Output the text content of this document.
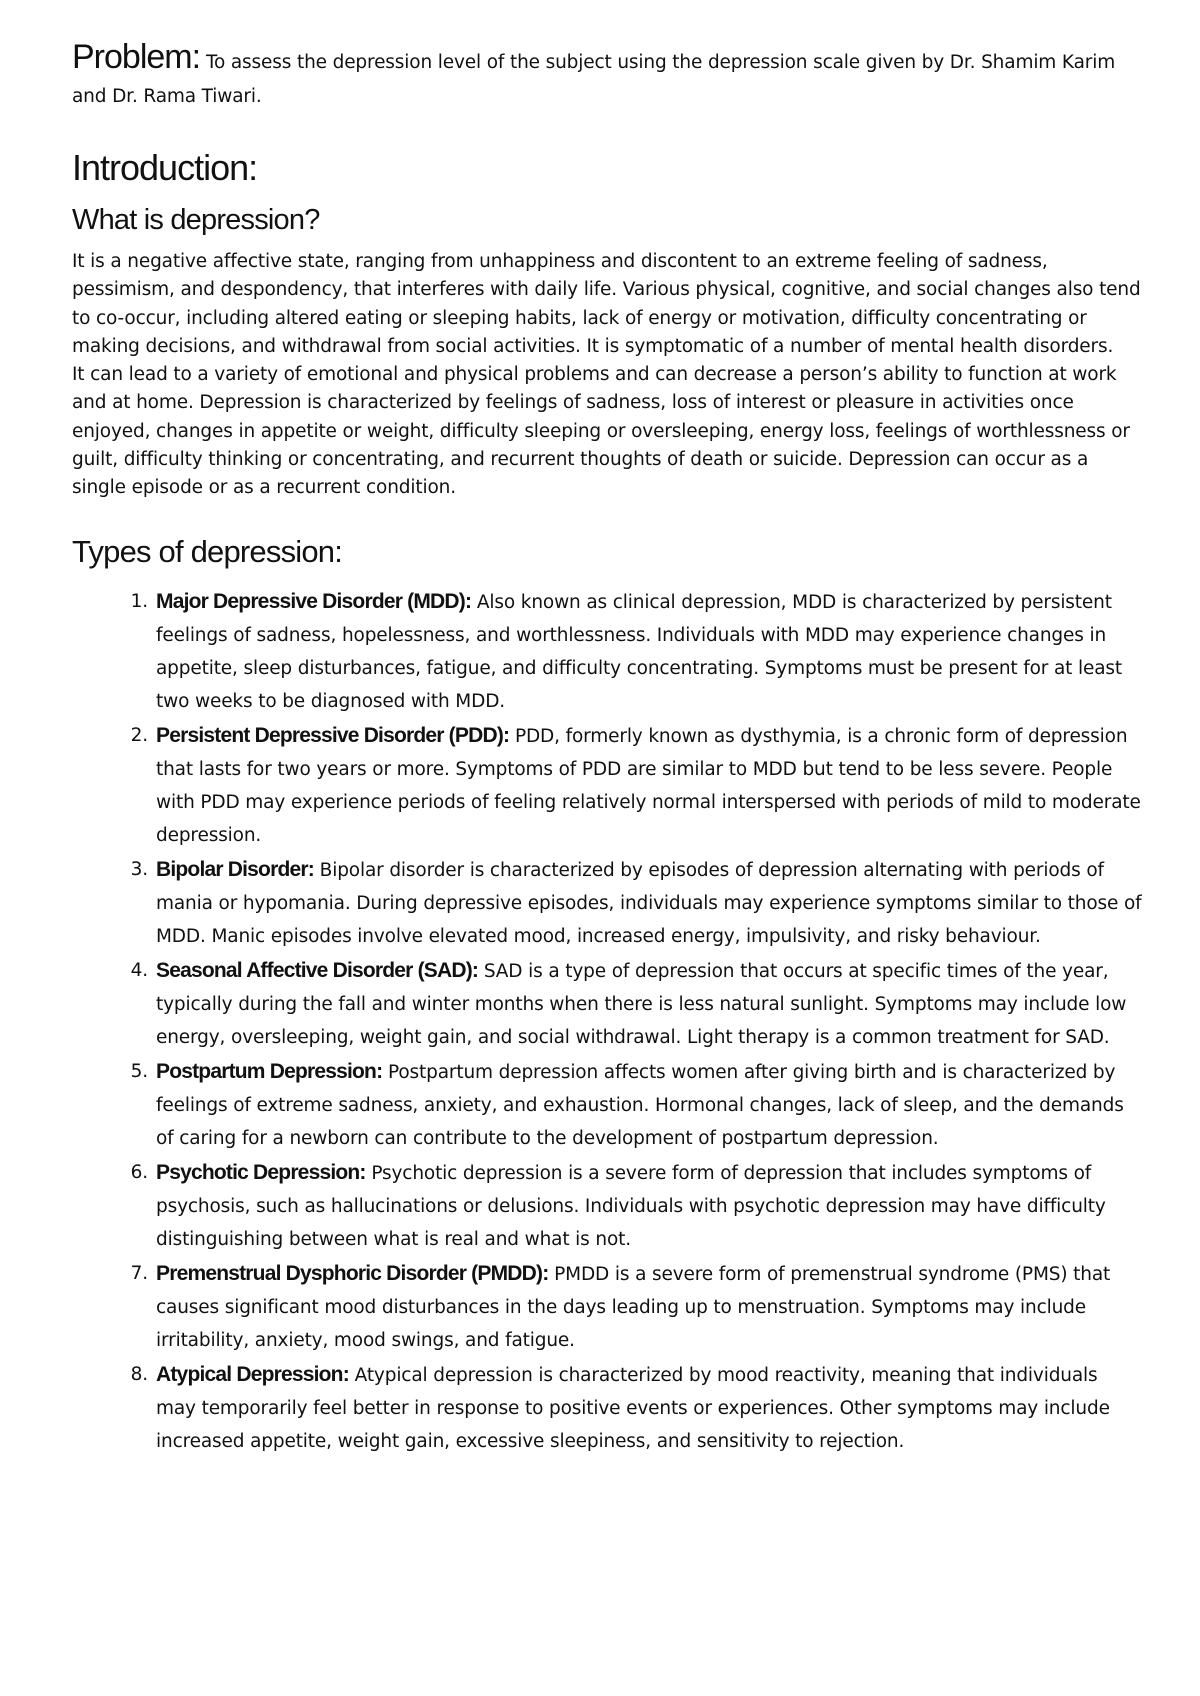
Problem: To assess the depression level of the subject using the depression scale given by Dr. Shamim Karim and Dr. Rama Tiwari.

Introduction:
What is depression?

It is a negative affective state, ranging from unhappiness and discontent to an extreme feeling of sadness, pessimism, and despondency, that interferes with daily life. Various physical, cognitive, and social changes also tend to co-occur, including altered eating or sleeping habits, lack of energy or motivation, difficulty concentrating or making decisions, and withdrawal from social activities. It is symptomatic of a number of mental health disorders.

It can lead to a variety of emotional and physical problems and can decrease a person’s ability to function at work and at home. Depression is characterized by feelings of sadness, loss of interest or pleasure in activities once enjoyed, changes in appetite or weight, difficulty sleeping or oversleeping, energy loss, feelings of worthlessness or guilt, difficulty thinking or concentrating, and recurrent thoughts of death or suicide. Depression can occur as a single episode or as a recurrent condition.

Types of depression:
1. Major Depressive Disorder (MDD): Also known as clinical depression, MDD is characterized by persistent feelings of sadness, hopelessness, and worthlessness. Individuals with MDD may experience changes in appetite, sleep disturbances, fatigue, and difficulty concentrating. Symptoms must be present for at least two weeks to be diagnosed with MDD.
2. Persistent Depressive Disorder (PDD): PDD, formerly known as dysthymia, is a chronic form of depression that lasts for two years or more. Symptoms of PDD are similar to MDD but tend to be less severe. People with PDD may experience periods of feeling relatively normal interspersed with periods of mild to moderate depression.
3. Bipolar Disorder: Bipolar disorder is characterized by episodes of depression alternating with periods of mania or hypomania. During depressive episodes, individuals may experience symptoms similar to those of MDD. Manic episodes involve elevated mood, increased energy, impulsivity, and risky behaviour.
4. Seasonal Affective Disorder (SAD): SAD is a type of depression that occurs at specific times of the year, typically during the fall and winter months when there is less natural sunlight. Symptoms may include low energy, oversleeping, weight gain, and social withdrawal. Light therapy is a common treatment for SAD.
5. Postpartum Depression: Postpartum depression affects women after giving birth and is characterized by feelings of extreme sadness, anxiety, and exhaustion. Hormonal changes, lack of sleep, and the demands of caring for a newborn can contribute to the development of postpartum depression.
6. Psychotic Depression: Psychotic depression is a severe form of depression that includes symptoms of psychosis, such as hallucinations or delusions. Individuals with psychotic depression may have difficulty distinguishing between what is real and what is not.
7. Premenstrual Dysphoric Disorder (PMDD): PMDD is a severe form of premenstrual syndrome (PMS) that causes significant mood disturbances in the days leading up to menstruation. Symptoms may include irritability, anxiety, mood swings, and fatigue.
8. Atypical Depression: Atypical depression is characterized by mood reactivity, meaning that individuals may temporarily feel better in response to positive events or experiences. Other symptoms may include increased appetite, weight gain, excessive sleepiness, and sensitivity to rejection.
